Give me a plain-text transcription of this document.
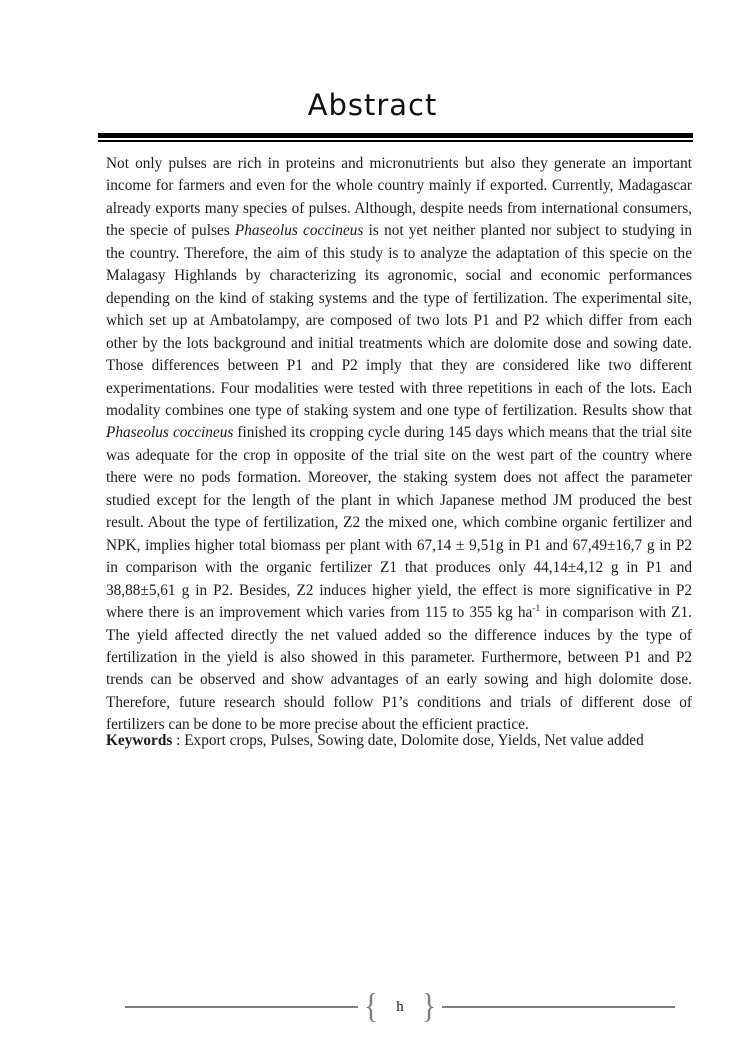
Abstract
Not only pulses are rich in proteins and micronutrients but also they generate an important income for farmers and even for the whole country mainly if exported. Currently, Madagascar already exports many species of pulses. Although, despite needs from international consumers, the specie of pulses Phaseolus coccineus is not yet neither planted nor subject to studying in the country. Therefore, the aim of this study is to analyze the adaptation of this specie on the Malagasy Highlands by characterizing its agronomic, social and economic performances depending on the kind of staking systems and the type of fertilization. The experimental site, which set up at Ambatolampy, are composed of two lots P1 and P2 which differ from each other by the lots background and initial treatments which are dolomite dose and sowing date. Those differences between P1 and P2 imply that they are considered like two different experimentations. Four modalities were tested with three repetitions in each of the lots. Each modality combines one type of staking system and one type of fertilization. Results show that Phaseolus coccineus finished its cropping cycle during 145 days which means that the trial site was adequate for the crop in opposite of the trial site on the west part of the country where there were no pods formation. Moreover, the staking system does not affect the parameter studied except for the length of the plant in which Japanese method JM produced the best result. About the type of fertilization, Z2 the mixed one, which combine organic fertilizer and NPK, implies higher total biomass per plant with 67,14 ± 9,51g in P1 and 67,49±16,7 g in P2 in comparison with the organic fertilizer Z1 that produces only 44,14±4,12 g in P1 and 38,88±5,61 g in P2. Besides, Z2 induces higher yield, the effect is more significative in P2 where there is an improvement which varies from 115 to 355 kg $ha^{-1}$ in comparison with Z1. The yield affected directly the net valued added so the difference induces by the type of fertilization in the yield is also showed in this parameter. Furthermore, between P1 and P2 trends can be observed and show advantages of an early sowing and high dolomite dose. Therefore, future research should follow P1’s conditions and trials of different dose of fertilizers can be done to be more precise about the efficient practice.
Keywords : Export crops, Pulses, Sowing date, Dolomite dose, Yields, Net value added
{	h }
